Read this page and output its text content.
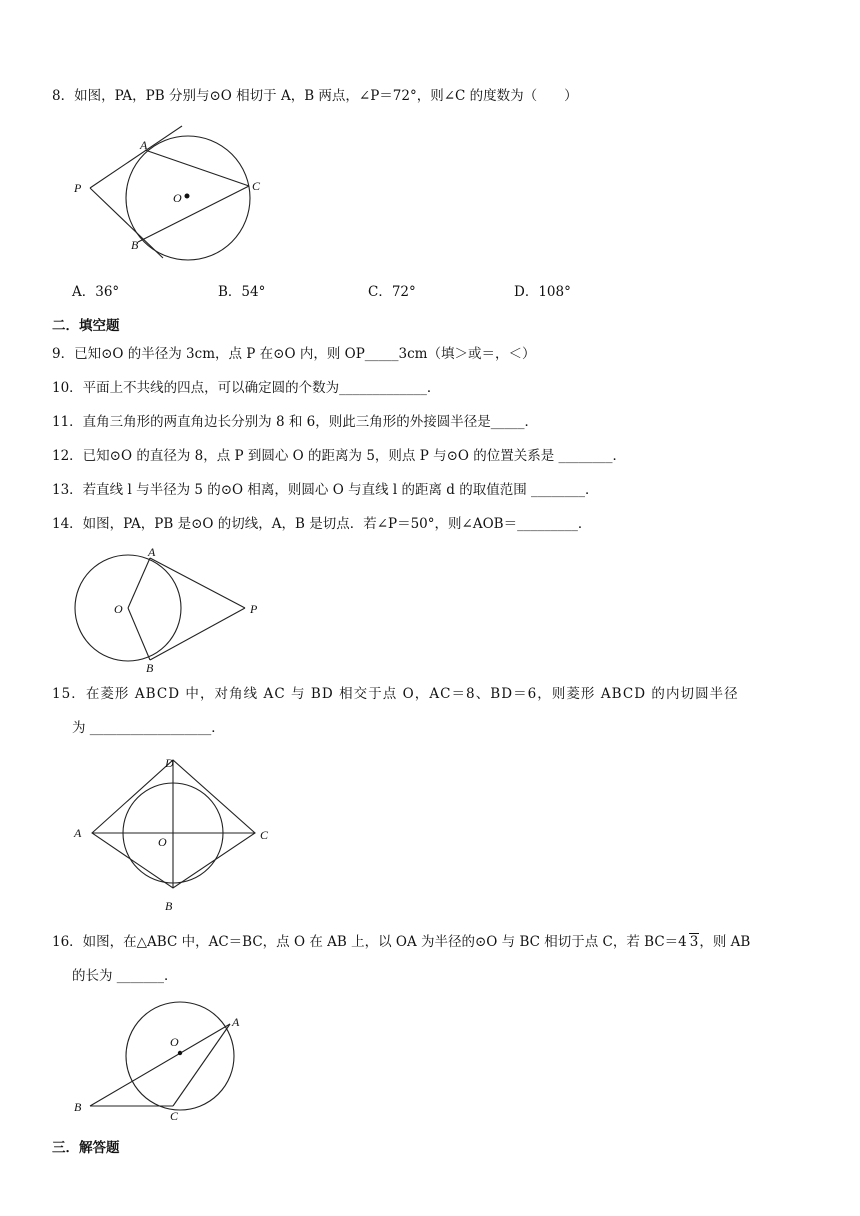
8．如图，PA，PB 分别与⊙O 相切于 A，B 两点，∠P＝72°，则∠C 的度数为（　　）
A
P
O
C
B
A．36°	B．54°	C．72°	D．108°
二．填空题
9．已知⊙O 的半径为 3cm，点 P 在⊙O 内，则 OP_____3cm（填＞或＝，＜）
10．平面上不共线的四点，可以确定圆的个数为_____________．
11．直角三角形的两直角边长分别为 8 和 6，则此三角形的外接圆半径是_____．
12．已知⊙O 的直径为 8，点 P 到圆心 O 的距离为 5，则点 P 与⊙O 的位置关系是 ________．
13．若直线 l 与半径为 5 的⊙O 相离，则圆心 O 与直线 l 的距离 d 的取值范围 ________．
14．如图，PA，PB 是⊙O 的切线，A，B 是切点．若∠P＝50°，则∠AOB＝_________．
A
O	P
B
15．在菱形 ABCD 中，对角线 AC 与 BD 相交于点 O，AC＝8、BD＝6，则菱形 ABCD 的内切圆半径
为 __________________．
D
A
O	C
B
16．如图，在△ABC 中，AC＝BC，点 O 在 AB 上，以 OA 为半径的⊙O 与 BC 相切于点 C，若 BC＝4 3，则 AB
的长为 _______．
O
A
B
C
三．解答题
